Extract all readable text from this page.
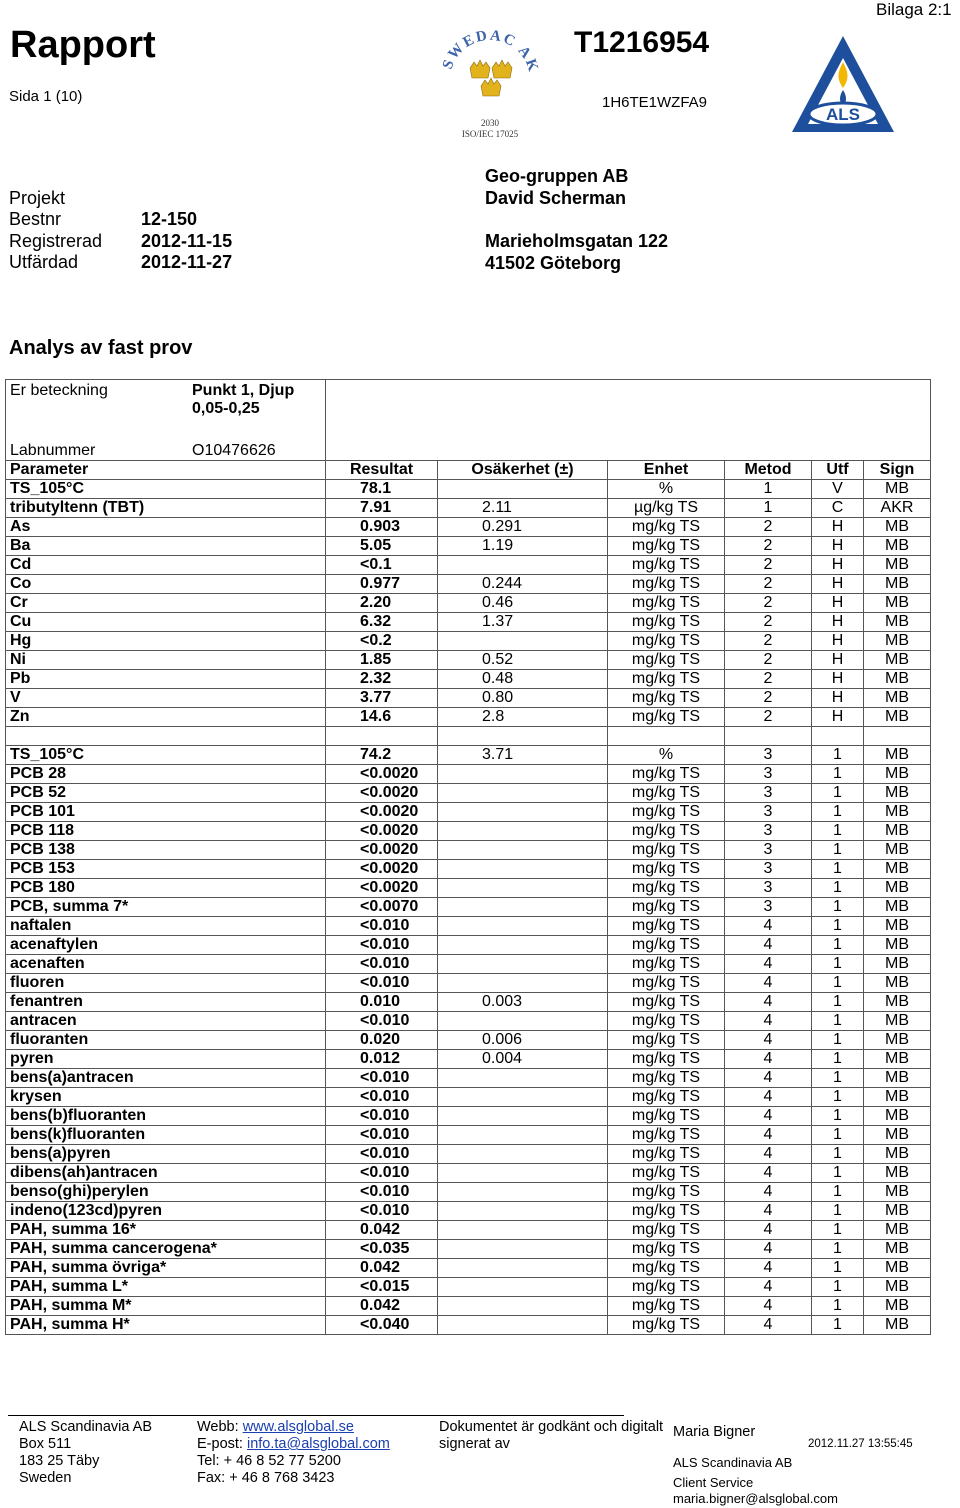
Rapport
Sida 1 (10)
T1216954
1H6TE1WZFA9
Bilaga 2:1
SWEDAC AK
2030
ISO/IEC 17025
ALS
Projekt
Bestnr	12-150
Registrerad 2012-11-15
Utfärdad	2012-11-27
Geo-gruppen AB
David Scherman
Marieholmsgatan 122
41502 Göteborg
Analys av fast prov
Er beteckning	Punkt 1, Djup
0,05-0,25

Labnummer	O10476626
Parameter	Resultat	Osäkerhet (±)	Enhet	Metod	Utf	Sign
TS_105°C	78.1		%	1	V	MB
tributyltenn (TBT)	7.91	2.11	µg/kg TS	1	C	AKR
As	0.903	0.291	mg/kg TS	2	H	MB
Ba	5.05	1.19	mg/kg TS	2	H	MB
Cd	<0.1		mg/kg TS	2	H	MB
Co	0.977	0.244	mg/kg TS	2	H	MB
Cr	2.20	0.46	mg/kg TS	2	H	MB
Cu	6.32	1.37	mg/kg TS	2	H	MB
Hg	<0.2		mg/kg TS	2	H	MB
Ni	1.85	0.52	mg/kg TS	2	H	MB
Pb	2.32	0.48	mg/kg TS	2	H	MB
V	3.77	0.80	mg/kg TS	2	H	MB
Zn	14.6	2.8	mg/kg TS	2	H	MB

TS_105°C	74.2	3.71	%	3	1	MB
PCB 28	<0.0020		mg/kg TS	3	1	MB
PCB 52	<0.0020		mg/kg TS	3	1	MB
PCB 101	<0.0020		mg/kg TS	3	1	MB
PCB 118	<0.0020		mg/kg TS	3	1	MB
PCB 138	<0.0020		mg/kg TS	3	1	MB
PCB 153	<0.0020		mg/kg TS	3	1	MB
PCB 180	<0.0020		mg/kg TS	3	1	MB
PCB, summa 7*	<0.0070		mg/kg TS	3	1	MB
naftalen	<0.010		mg/kg TS	4	1	MB
acenaftylen	<0.010		mg/kg TS	4	1	MB
acenaften	<0.010		mg/kg TS	4	1	MB
fluoren	<0.010		mg/kg TS	4	1	MB
fenantren	0.010	0.003	mg/kg TS	4	1	MB
antracen	<0.010		mg/kg TS	4	1	MB
fluoranten	0.020	0.006	mg/kg TS	4	1	MB
pyren	0.012	0.004	mg/kg TS	4	1	MB
bens(a)antracen	<0.010		mg/kg TS	4	1	MB
krysen	<0.010		mg/kg TS	4	1	MB
bens(b)fluoranten	<0.010		mg/kg TS	4	1	MB
bens(k)fluoranten	<0.010		mg/kg TS	4	1	MB
bens(a)pyren	<0.010		mg/kg TS	4	1	MB
dibens(ah)antracen	<0.010		mg/kg TS	4	1	MB
benso(ghi)perylen	<0.010		mg/kg TS	4	1	MB
indeno(123cd)pyren	<0.010		mg/kg TS	4	1	MB
PAH, summa 16*	0.042		mg/kg TS	4	1	MB
PAH, summa cancerogena*	<0.035		mg/kg TS	4	1	MB
PAH, summa övriga*	0.042		mg/kg TS	4	1	MB
PAH, summa L*	<0.015		mg/kg TS	4	1	MB
PAH, summa M*	0.042		mg/kg TS	4	1	MB
PAH, summa H*	<0.040		mg/kg TS	4	1	MB
ALS Scandinavia AB
Box 511
183 25 Täby
Sweden
Webb: www.alsglobal.se
E-post: info.ta@alsglobal.com
Tel: + 46 8 52 77 5200
Fax: + 46 8 768 3423
Dokumentet är godkänt och digitalt
signerat av
Maria Bigner
ALS Scandinavia AB
Client Service
maria.bigner@alsglobal.com
2012.11.27 13:55:45
